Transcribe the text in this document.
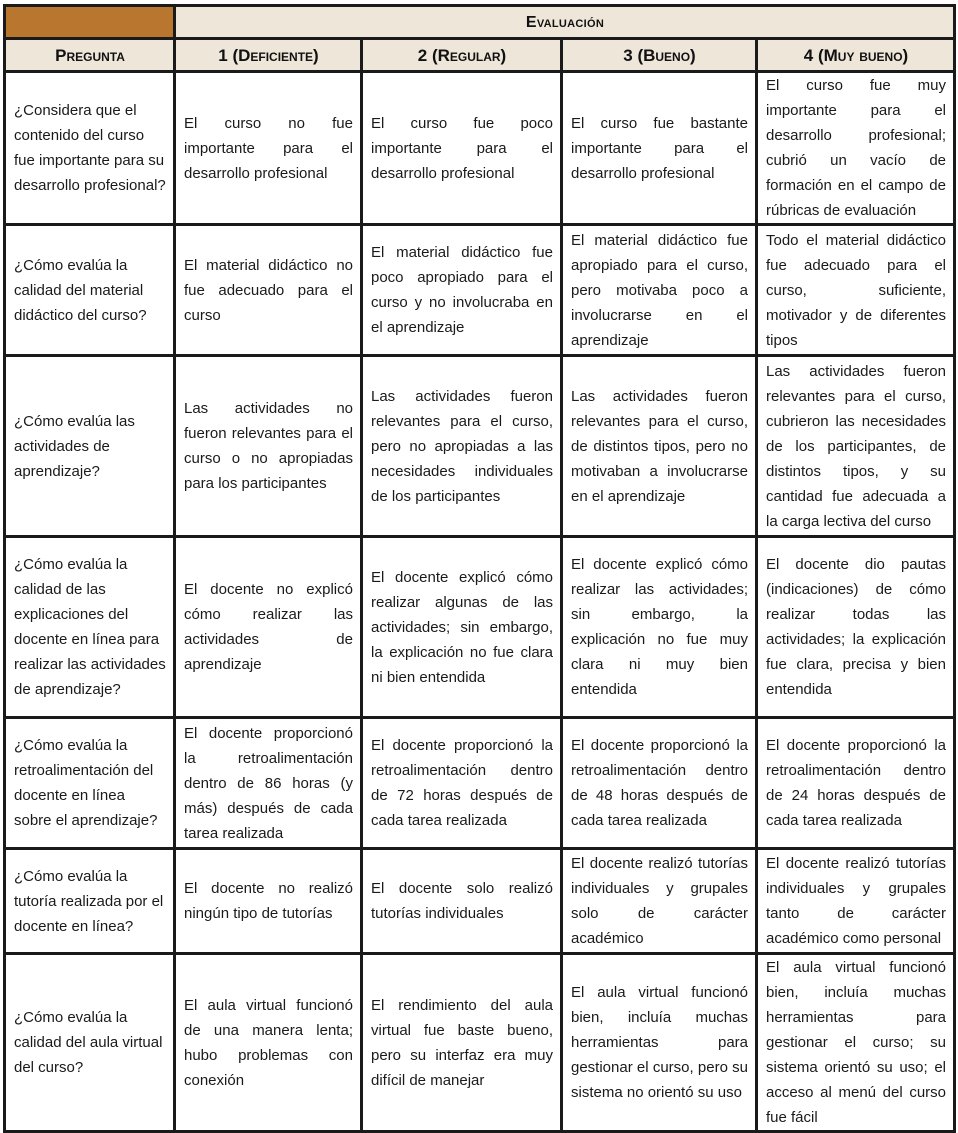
	Evaluación			
Pregunta	1 (Deficiente)	2 (Regular)	3 (Bueno)	4 (Muy bueno)
¿Considera que el contenido del curso fue importante para su desarrollo profesional?	El curso no fue importante para el desarrollo profesional	El curso fue poco importante para el desarrollo profesional	El curso fue bastante importante para el desarrollo profesional	El curso fue muy importante para el desarrollo profesional; cubrió un vacío de formación en el campo de rúbricas de evaluación
¿Cómo evalúa la calidad del material didáctico del curso?	El material didáctico no fue adecuado para el curso	El material didáctico fue poco apropiado para el curso y no involucraba en el aprendizaje	El material didáctico fue apropiado para el curso, pero motivaba poco a involucrarse en el aprendizaje	Todo el material didáctico fue adecuado para el curso, suficiente, motivador y de diferentes tipos
¿Cómo evalúa las actividades de aprendizaje?	Las actividades no fueron relevantes para el curso o no apropiadas para los participantes	Las actividades fueron relevantes para el curso, pero no apropiadas a las necesidades individuales de los participantes	Las actividades fueron relevantes para el curso, de distintos tipos, pero no motivaban a involucrarse en el aprendizaje	Las actividades fueron relevantes para el curso, cubrieron las necesidades de los participantes, de distintos tipos, y su cantidad fue adecuada a la carga lectiva del curso
¿Cómo evalúa la calidad de las explicaciones del docente en línea para realizar las actividades de aprendizaje?	El docente no explicó cómo realizar las actividades de aprendizaje	El docente explicó cómo realizar algunas de las actividades; sin embargo, la explicación no fue clara ni bien entendida	El docente explicó cómo realizar las actividades; sin embargo, la explicación no fue muy clara ni muy bien entendida	El docente dio pautas (indicaciones) de cómo realizar todas las actividades; la explicación fue clara, precisa y bien entendida
¿Cómo evalúa la retroalimentación del docente en línea sobre el aprendizaje?	El docente proporcionó la retroalimentación dentro de 86 horas (y más) después de cada tarea realizada	El docente proporcionó la retroalimentación dentro de 72 horas después de cada tarea realizada	El docente proporcionó la retroalimentación dentro de 48 horas después de cada tarea realizada	El docente proporcionó la retroalimentación dentro de 24 horas después de cada tarea realizada
¿Cómo evalúa la tutoría realizada por el docente en línea?	El docente no realizó ningún tipo de tutorías	El docente solo realizó tutorías individuales	El docente realizó tutorías individuales y grupales solo de carácter académico	El docente realizó tutorías individuales y grupales tanto de carácter académico como personal
¿Cómo evalúa la calidad del aula virtual del curso?	El aula virtual funcionó de una manera lenta; hubo problemas con conexión	El rendimiento del aula virtual fue baste bueno, pero su interfaz era muy difícil de manejar	El aula virtual funcionó bien, incluía muchas herramientas para gestionar el curso, pero su sistema no orientó su uso	El aula virtual funcionó bien, incluía muchas herramientas para gestionar el curso; su sistema orientó su uso; el acceso al menú del curso fue fácil
